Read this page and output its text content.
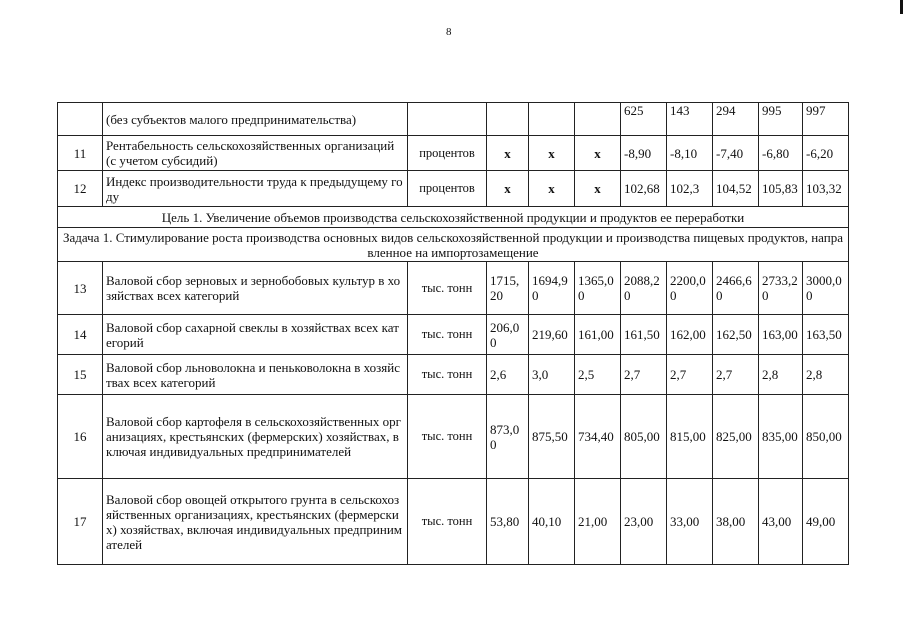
8
	(без субъектов малого предпринимательства)					625	143	294	995	997
11	Рентабельность сельскохозяйственных организаций (с учетом субсидий)	процентов	х	х	х	-8,90	-8,10	-7,40	-6,80	-6,20
12	Индекс производительности труда к предыдущему году	процентов	х	х	х	102,68	102,3	104,52	105,83	103,32
Цель 1. Увеличение объемов производства сельскохозяйственной продукции и продуктов ее переработки										
Задача 1. Стимулирование роста производства основных видов сельскохозяйственной продукции и производства пищевых продуктов, направленное на импортозамещение										
13	Валовой сбор зерновых и зернобобовых культур в хозяйствах всех категорий	тыс. тонн	1715,20	1694,90	1365,00	2088,20	2200,00	2466,60	2733,20	3000,00
14	Валовой сбор сахарной свеклы в хозяйствах всех категорий	тыс. тонн	206,00	219,60	161,00	161,50	162,00	162,50	163,00	163,50
15	Валовой сбор льноволокна и пеньковолокна в хозяйствах всех категорий	тыс. тонн	2,6	3,0	2,5	2,7	2,7	2,7	2,8	2,8
16	Валовой сбор картофеля в сельскохозяйственных организациях, крестьянских (фермерских) хозяйствах, включая индивидуальных предпринимателей	тыс. тонн	873,00	875,50	734,40	805,00	815,00	825,00	835,00	850,00
17	Валовой сбор овощей открытого грунта в сельскохозяйственных организациях, крестьянских (фермерских) хозяйствах, включая индивидуальных предпринимателей	тыс. тонн	53,80	40,10	21,00	23,00	33,00	38,00	43,00	49,00
